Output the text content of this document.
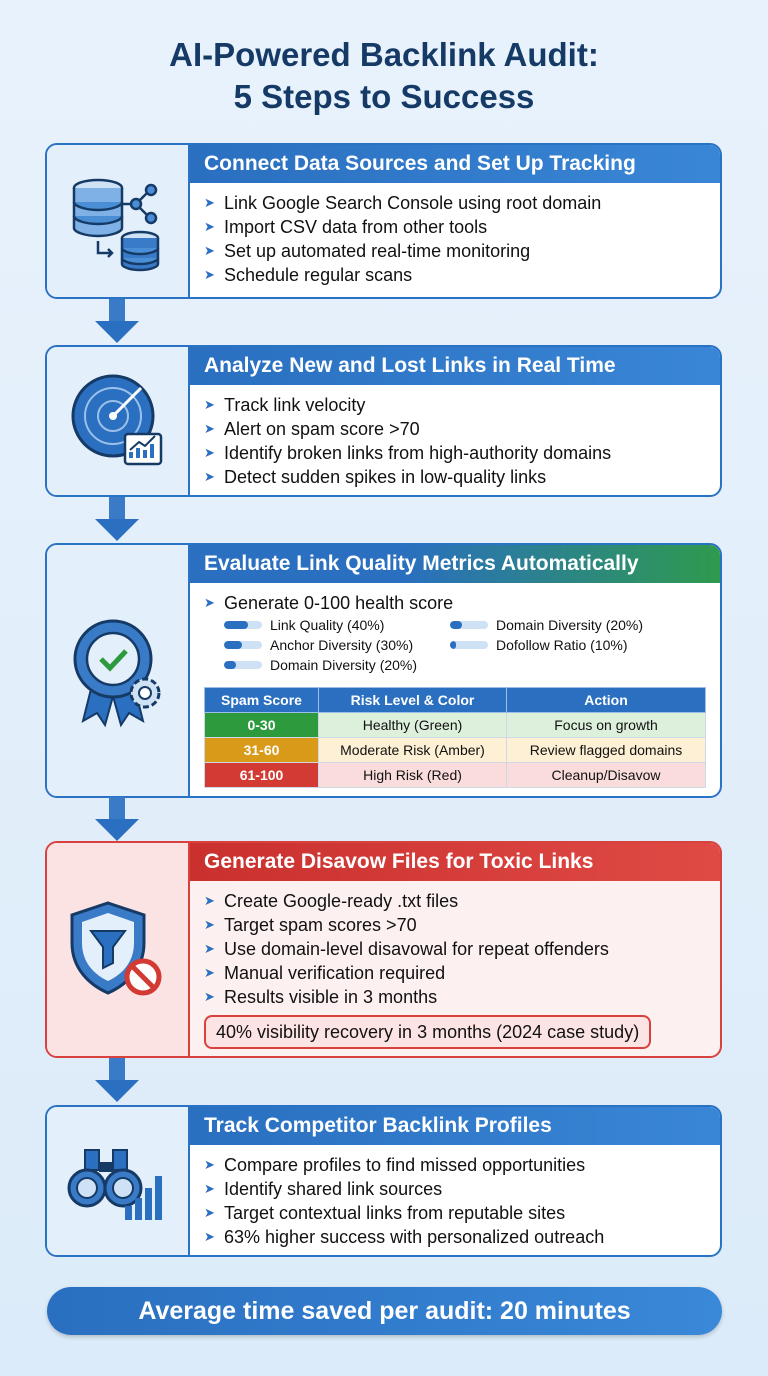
AI-Powered Backlink Audit:
5 Steps to Success
Connect Data Sources and Set Up Tracking
➤ Link Google Search Console using root domain
➤ Import CSV data from other tools
➤ Set up automated real-time monitoring
➤ Schedule regular scans
Analyze New and Lost Links in Real Time
➤ Track link velocity
➤ Alert on spam score >70
➤ Identify broken links from high-authority domains
➤ Detect sudden spikes in low-quality links
Evaluate Link Quality Metrics Automatically
➤ Generate 0-100 health score
Link Quality (40%)	Domain Diversity (20%)
Anchor Diversity (30%)	Dofollow Ratio (10%)
Domain Diversity (20%)
Spam Score	Risk Level & Color	Action
0-30	Healthy (Green)	Focus on growth
31-60	Moderate Risk (Amber)	Review flagged domains
61-100	High Risk (Red)	Cleanup/Disavow
Generate Disavow Files for Toxic Links
➤ Create Google-ready .txt files
➤ Target spam scores >70
➤ Use domain-level disavowal for repeat offenders
➤ Manual verification required
➤ Results visible in 3 months
40% visibility recovery in 3 months (2024 case study)
Track Competitor Backlink Profiles
➤ Compare profiles to find missed opportunities
➤ Identify shared link sources
➤ Target contextual links from reputable sites
➤ 63% higher success with personalized outreach
Average time saved per audit: 20 minutes
